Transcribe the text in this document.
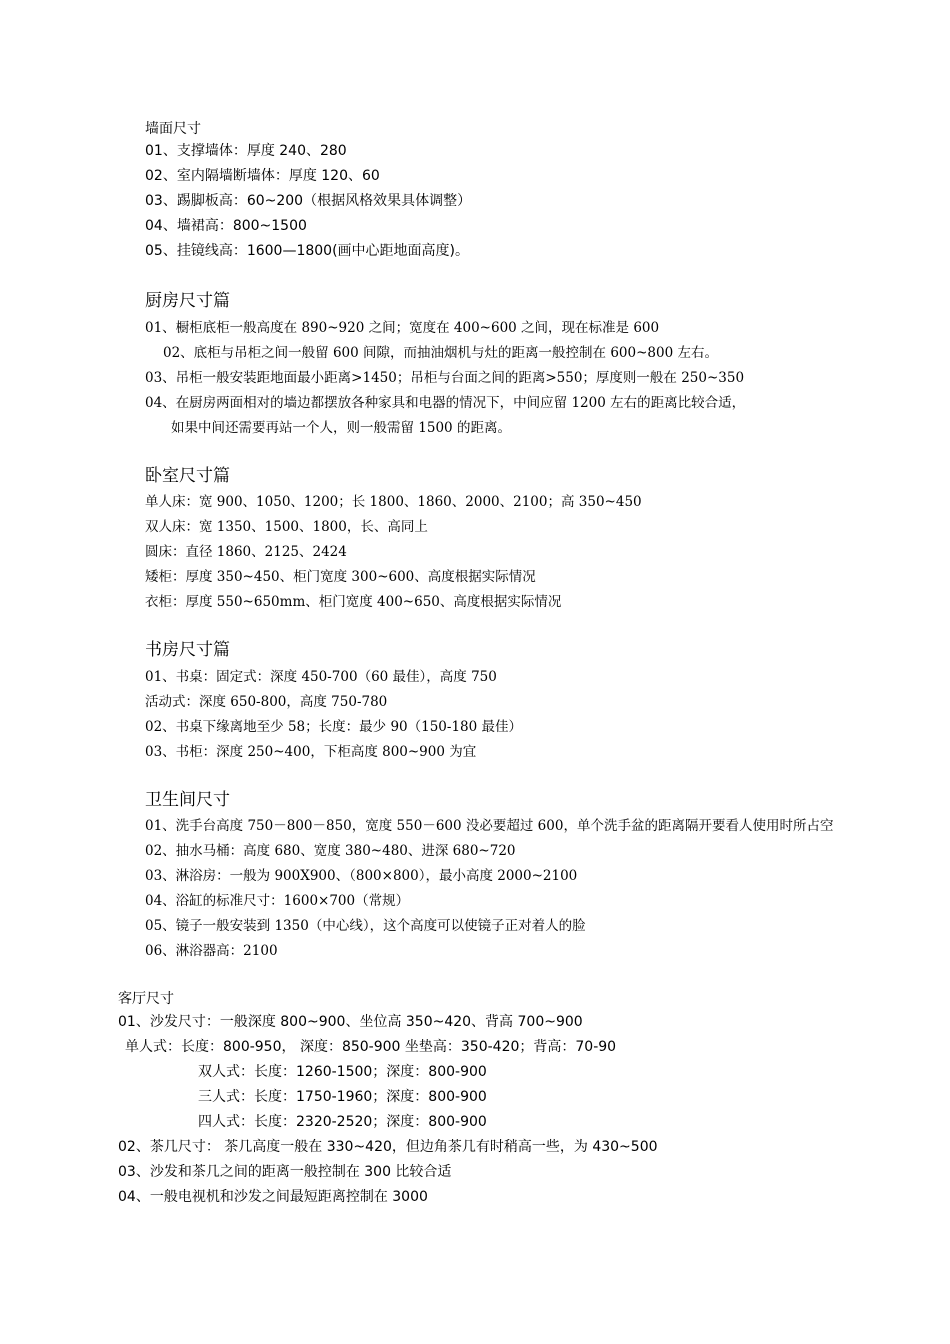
墙面尺寸
01、支撑墙体：厚度 240、280
02、室内隔墙断墙体：厚度 120、60
03、踢脚板高：60~200（根据风格效果具体调整）
04、墙裙高：800~1500
05、挂镜线高：1600—1800(画中心距地面高度)。
厨房尺寸篇
01、橱柜底柜一般高度在 890~920 之间；宽度在 400~600 之间，现在标准是 600
02、底柜与吊柜之间一般留 600 间隙，而抽油烟机与灶的距离一般控制在 600~800 左右。
03、吊柜一般安装距地面最小距离>1450；吊柜与台面之间的距离>550；厚度则一般在 250~350
04、在厨房两面相对的墙边都摆放各种家具和电器的情况下，中间应留 1200 左右的距离比较合适，
如果中间还需要再站一个人，则一般需留 1500 的距离。
卧室尺寸篇
单人床：宽 900、1050、1200；长 1800、1860、2000、2100；高 350~450
双人床：宽 1350、1500、1800，长、高同上
圆床：直径 1860、2125、2424
矮柜：厚度 350~450、柜门宽度 300~600、高度根据实际情况
衣柜：厚度 550~650mm、柜门宽度 400~650、高度根据实际情况
书房尺寸篇
01、书桌：固定式：深度 450-700（60 最佳），高度 750
活动式：深度 650-800，高度 750-780
02、书桌下缘离地至少 58；长度：最少 90（150-180 最佳）
03、书柜：深度 250~400，下柜高度 800~900 为宜
卫生间尺寸
01、洗手台高度 750－800－850，宽度 550－600 没必要超过 600，单个洗手盆的距离隔开要看人使用时所占空
02、抽水马桶：高度 680、宽度 380~480、进深 680~720
03、淋浴房：一般为 900X900、（800×800），最小高度 2000~2100
04、浴缸的标准尺寸：1600×700（常规）
05、镜子一般安装到 1350（中心线），这个高度可以使镜子正对着人的脸
06、淋浴器高：2100
客厅尺寸
01、沙发尺寸：一般深度 800~900、坐位高 350~420、背高 700~900
单人式：长度：800-950， 深度：850-900 坐垫高：350-420；背高：70-90
双人式：长度：1260-1500；深度：800-900
三人式：长度：1750-1960；深度：800-900
四人式：长度：2320-2520；深度：800-900
02、茶几尺寸： 茶几高度一般在 330~420，但边角茶几有时稍高一些，为 430~500
03、沙发和茶几之间的距离一般控制在 300 比较合适
04、一般电视机和沙发之间最短距离控制在 3000
